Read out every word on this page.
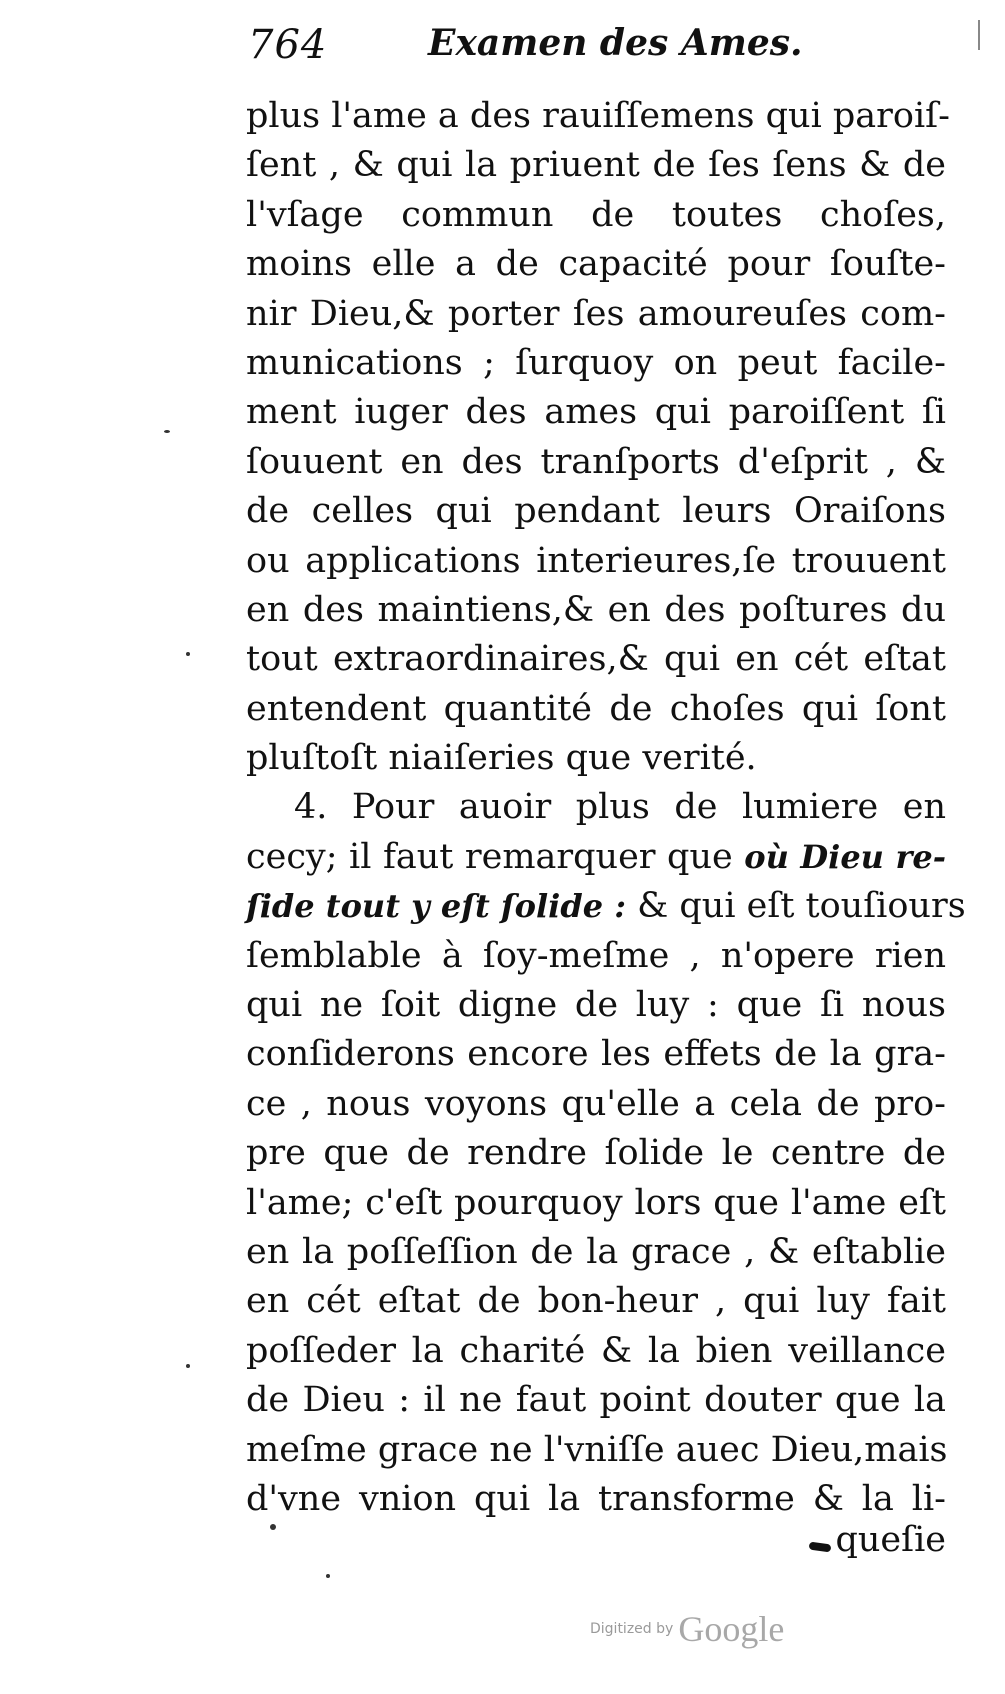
764	Examen des Ames.
plus l'ame a des rauiſſemens qui paroiſ-
ſent , & qui la priuent de ſes ſens & de
l'vſage commun de toutes choſes,
moins elle a de capacité pour ſouſte-
nir Dieu,& porter ſes amoureuſes com-
munications ; ſurquoy on peut facile-
ment iuger des ames qui paroiſſent ſi
ſouuent en des tranſports d'eſprit , &
de celles qui pendant leurs Oraiſons
ou applications interieures,ſe trouuent
en des maintiens,& en des poſtures du
tout extraordinaires,& qui en cét eſtat
entendent quantité de choſes qui ſont
pluſtoſt niaiſeries que verité.
4. Pour auoir plus de lumiere en
cecy; il faut remarquer que où Dieu re-
ſide tout y eſt ſolide : & qui eſt touſiours
ſemblable à ſoy-meſme , n'opere rien
qui ne ſoit digne de luy : que ſi nous
conſiderons encore les effets de la gra-
ce , nous voyons qu'elle a cela de pro-
pre que de rendre ſolide le centre de
l'ame; c'eſt pourquoy lors que l'ame eſt
en la poſſeſſion de la grace , & eſtablie
en cét eſtat de bon-heur , qui luy fait
poſſeder la charité & la bien veillance
de Dieu : il ne faut point douter que la
meſme grace ne l'vniſſe auec Dieu,mais
d'vne vnion qui la transforme & la li-
queſie
Digitized by Google
